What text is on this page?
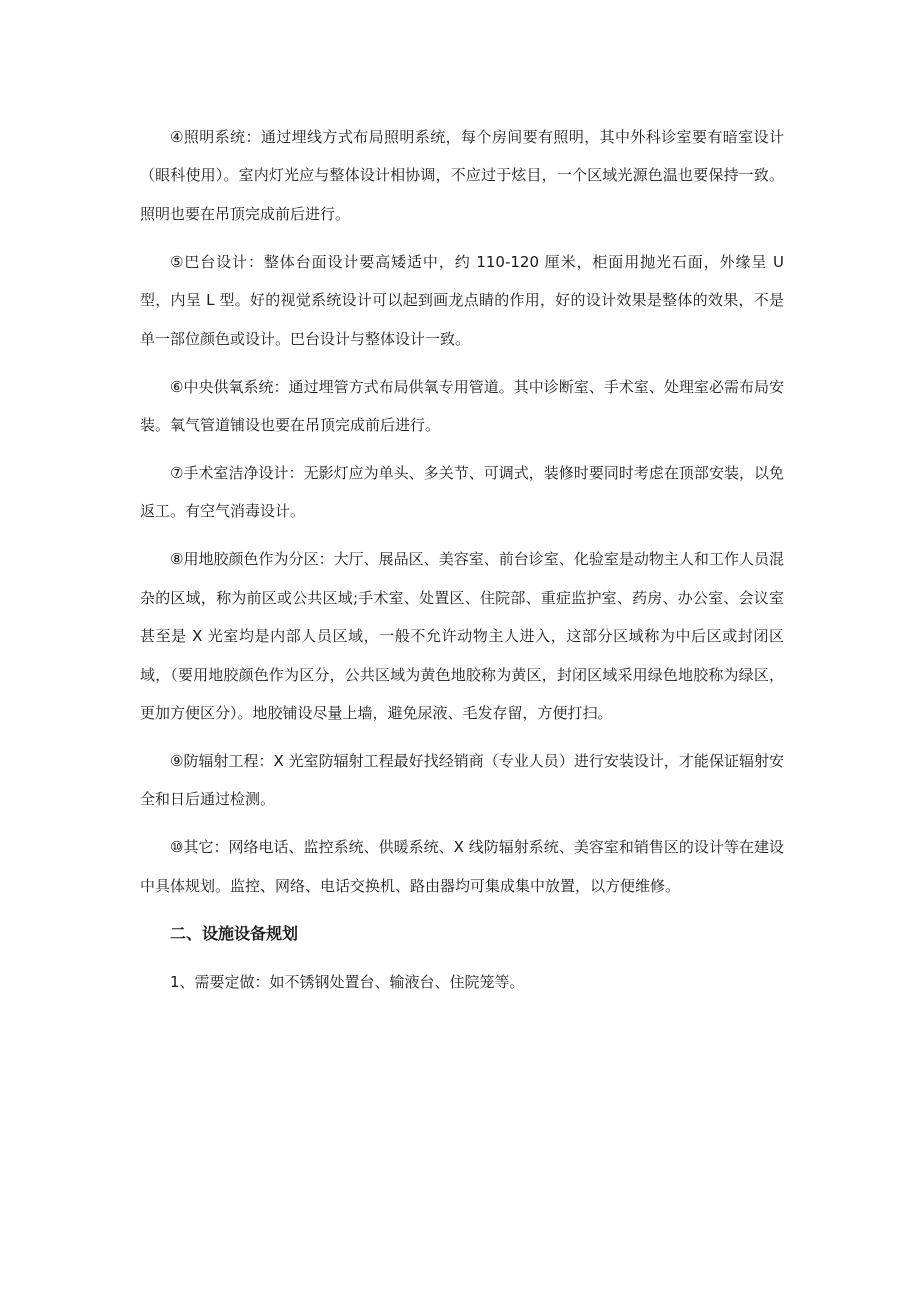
④照明系统：通过埋线方式布局照明系统，每个房间要有照明，其中外科诊室要有暗室设计（眼科使用）。室内灯光应与整体设计相协调，不应过于炫目，一个区域光源色温也要保持一致。照明也要在吊顶完成前后进行。

⑤巴台设计：整体台面设计要高矮适中，约 110-120 厘米，柜面用抛光石面，外缘呈 U 型，内呈 L 型。好的视觉系统设计可以起到画龙点睛的作用，好的设计效果是整体的效果，不是单一部位颜色或设计。巴台设计与整体设计一致。

⑥中央供氧系统：通过埋管方式布局供氧专用管道。其中诊断室、手术室、处理室必需布局安装。氧气管道铺设也要在吊顶完成前后进行。

⑦手术室洁净设计：无影灯应为单头、多关节、可调式，装修时要同时考虑在顶部安装，以免返工。有空气消毒设计。

⑧用地胶颜色作为分区：大厅、展品区、美容室、前台诊室、化验室是动物主人和工作人员混杂的区域，称为前区或公共区域;手术室、处置区、住院部、重症监护室、药房、办公室、会议室甚至是 X 光室均是内部人员区域，一般不允许动物主人进入，这部分区域称为中后区或封闭区域，（要用地胶颜色作为区分，公共区域为黄色地胶称为黄区，封闭区域采用绿色地胶称为绿区，更加方便区分）。地胶铺设尽量上墙，避免尿液、毛发存留，方便打扫。

⑨防辐射工程：X 光室防辐射工程最好找经销商（专业人员）进行安装设计，才能保证辐射安全和日后通过检测。

⑩其它：网络电话、监控系统、供暖系统、X 线防辐射系统、美容室和销售区的设计等在建设中具体规划。监控、网络、电话交换机、路由器均可集成集中放置，以方便维修。

二、设施设备规划

1、需要定做：如不锈钢处置台、输液台、住院笼等。
